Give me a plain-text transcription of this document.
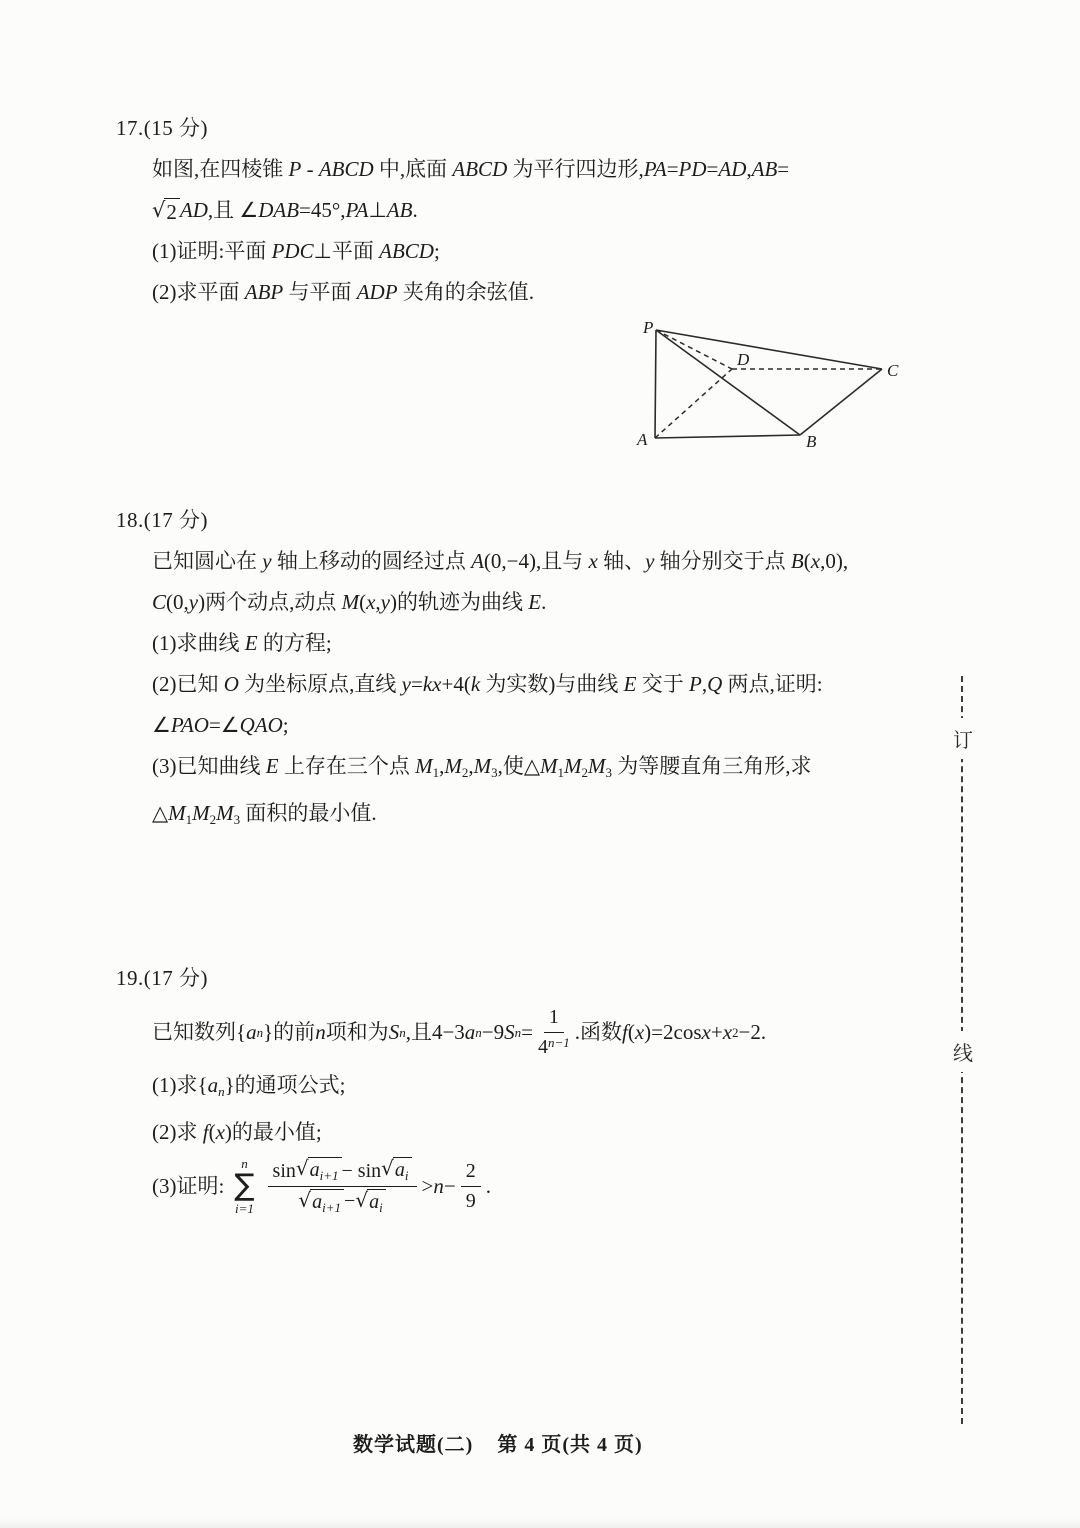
17.(15 分)
如图,在四棱锥 P - ABCD 中,底面 ABCD 为平行四边形,PA=PD=AD,AB=
√ 2 AD,且 ∠DAB=45°,PA⊥AB.
(1)证明:平面 PDC⊥平面 ABCD;
(2)求平面 ABP 与平面 ADP 夹角的余弦值.
P
A	B
C
D
18.(17 分)
已知圆心在 y 轴上移动的圆经过点 A(0,−4),且与 x 轴、y 轴分别交于点 B(x,0),
C(0,y)两个动点,动点 M(x,y)的轨迹为曲线 E.
(1)求曲线 E 的方程;
(2)已知 O 为坐标原点,直线 y=kx+4(k 为实数)与曲线 E 交于 P,Q 两点,证明:
∠PAO=∠QAO;
(3)已知曲线 E 上存在三个点 M1,M2,M3,使△M1M2M3 为等腰直角三角形,求
△M1M2M3 面积的最小值.
19.(17 分)
已知数列{ a n }的前 n 项和为 S n ,且 4−3 a n −9 S $n = \frac{1}{4 n-1}$ . 函数 f ( x )=2cos x + x 2 −2.
(1)求{an}的通项公式;
(2)求 f(x)的最小值;
(3)证明:
n
∑
$i=1 \frac{\sin √ a_{i+1} - \sin √ a_i}{√ a_{i+1} - √ a_i} > n - \frac{2}{9}$ .
订
线
数学试题(二) 第 4 页(共 4 页)
